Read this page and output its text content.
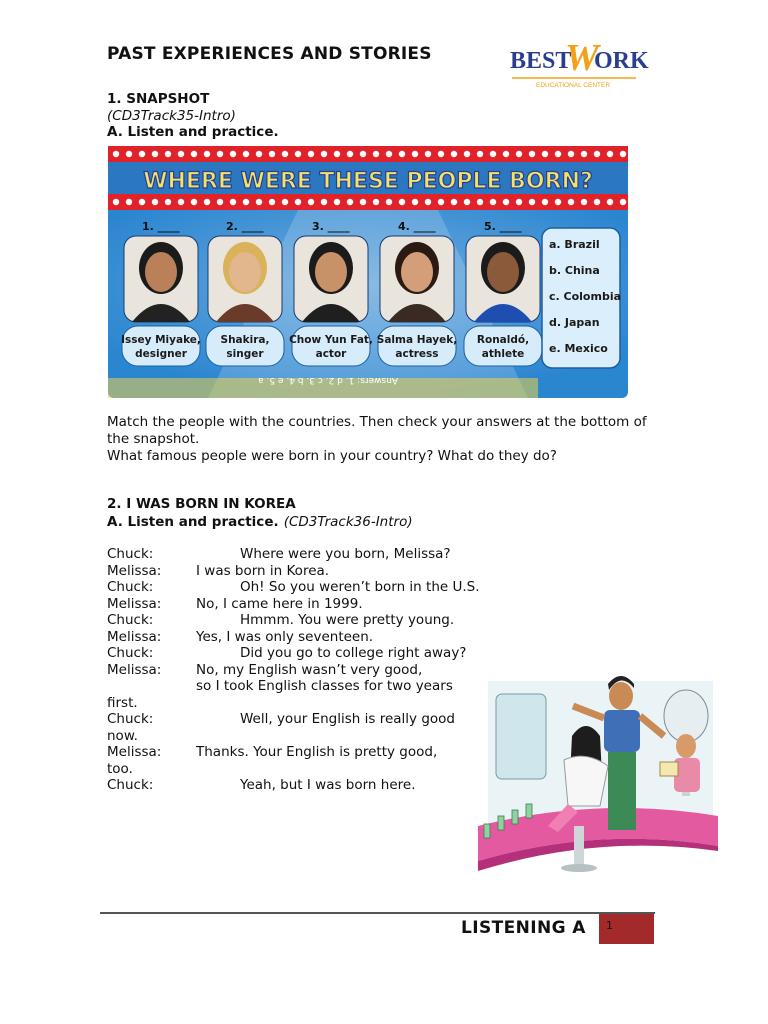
PAST EXPERIENCES AND STORIES	BEST
W
ORK
EDUCATIONAL CENTER
1. SNAPSHOT
(CD3Track35-Intro)
A. Listen and practice.
WHERE WERE THESE PEOPLE BORN?
1. ____
Issey Miyake,
designer
2. ____
Shakira,
singer
3. ____
Chow Yun Fat,
actor
4. ____
Salma Hayek,
actress
5. ____
Ronaldó,
athlete
a. Brazil
b. China
c. Colombia
d. Japan
e. Mexico
Answers: 1. d 2. c 3. b 4. e 5. a
Match the people with the countries. Then check your answers at the bottom of
the snapshot.
What famous people were born in your country? What do they do?
2. I WAS BORN IN KOREA
A. Listen and practice. (CD3Track36-Intro)
Chuck:	Where were you born, Melissa?
Melissa:	I was born in Korea.
Chuck:	Oh! So you weren’t born in the U.S.
Melissa:	No, I came here in 1999.
Chuck:	Hmmm. You were pretty young.
Melissa:	Yes, I was only seventeen.
Chuck:	Did you go to college right away?
Melissa:	No, my English wasn’t very good,
so I took English classes for two years
first.
Chuck:	Well, your English is really good
now.
Melissa:	Thanks. Your English is pretty good,
too.
Chuck:	Yeah, but I was born here.
LISTENING A 1
